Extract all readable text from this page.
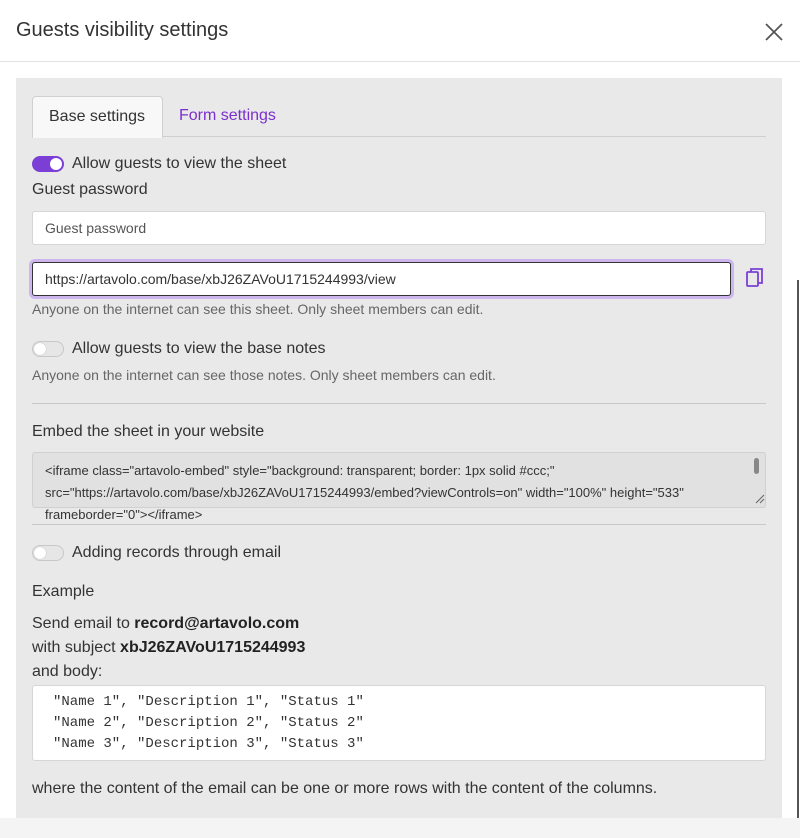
Guests visibility settings
Base settings	Form settings
Allow guests to view the sheet
Guest password
https://artavolo.com/base/xbJ26ZAVoU1715244993/view
Anyone on the internet can see this sheet. Only sheet members can edit.
Allow guests to view the base notes
Anyone on the internet can see those notes. Only sheet members can edit.
Embed the sheet in your website
<iframe class="artavolo-embed" style="background: transparent; border: 1px solid #ccc;"
src="https://artavolo.com/base/xbJ26ZAVoU1715244993/embed?viewControls=on" width="100%" height="533"
frameborder="0"></iframe>
Adding records through email
Example
Send email to record@artavolo.com
with subject xbJ26ZAVoU1715244993
and body:
"Name 1", "Description 1", "Status 1"
"Name 2", "Description 2", "Status 2"
"Name 3", "Description 3", "Status 3"
where the content of the email can be one or more rows with the content of the columns.
